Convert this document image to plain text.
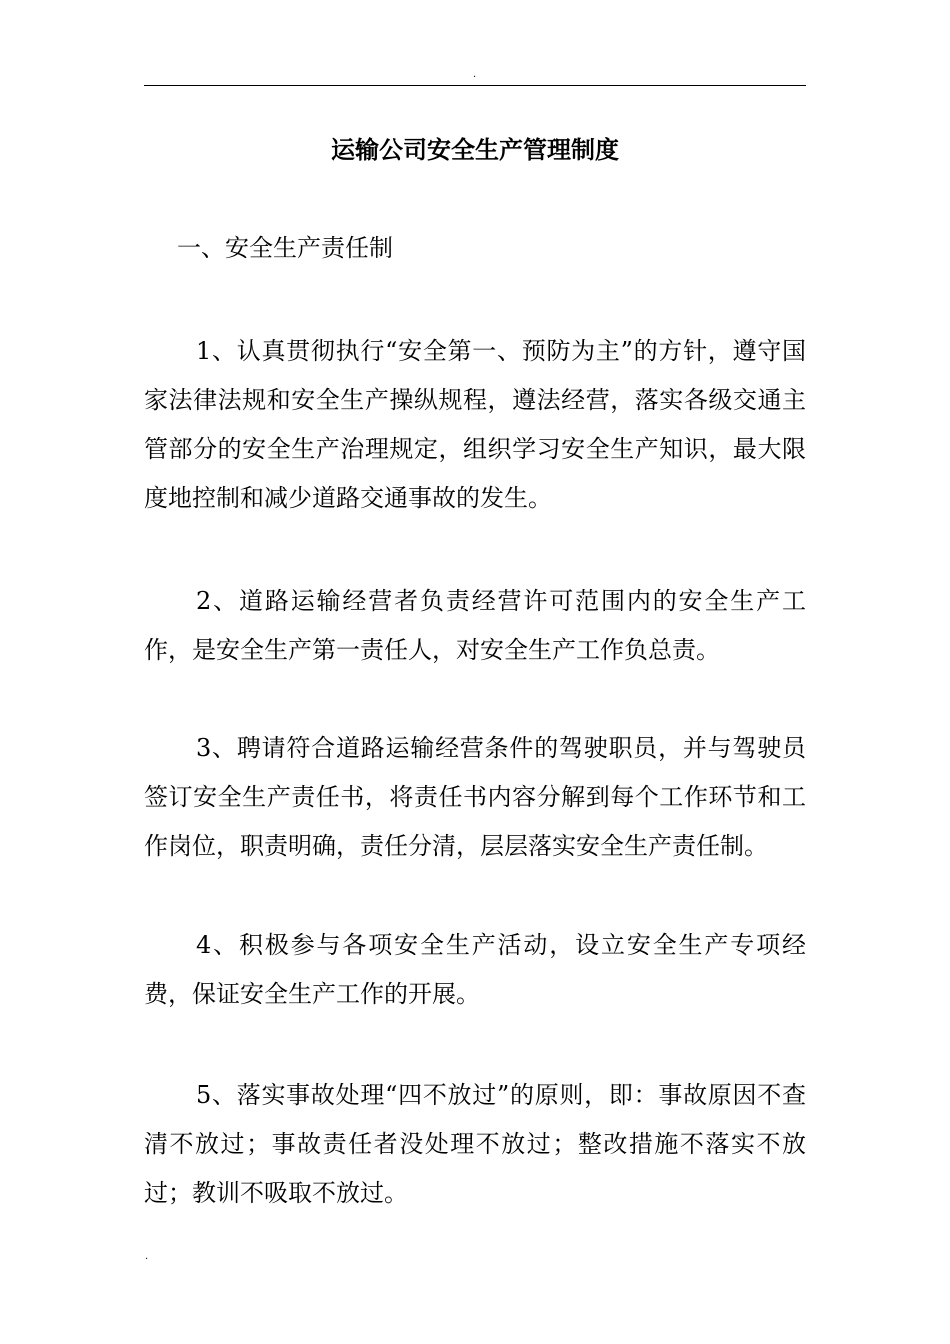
.
运输公司安全生产管理制度
一、安全生产责任制

1、认真贯彻执行“安全第一、预防为主”的方针，遵守国家法律法规和安全生产操纵规程，遵法经营，落实各级交通主管部分的安全生产治理规定，组织学习安全生产知识，最大限度地控制和减少道路交通事故的发生。

2、道路运输经营者负责经营许可范围内的安全生产工作，是安全生产第一责任人，对安全生产工作负总责。

3、聘请符合道路运输经营条件的驾驶职员，并与驾驶员签订安全生产责任书，将责任书内容分解到每个工作环节和工作岗位，职责明确，责任分清，层层落实安全生产责任制。

4、积极参与各项安全生产活动，设立安全生产专项经费，保证安全生产工作的开展。

5、落实事故处理“四不放过”的原则，即：事故原因不查清不放过；事故责任者没处理不放过；整改措施不落实不放过；教训不吸取不放过。

.
